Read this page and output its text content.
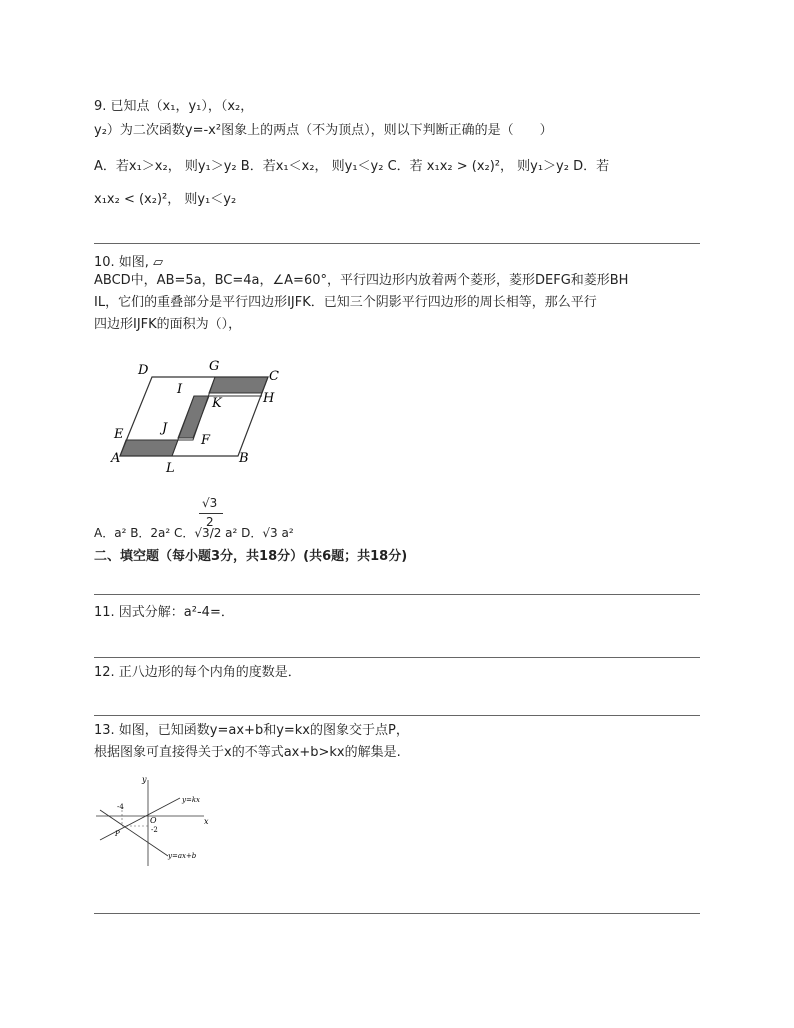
9. 已知点（x₁，y₁），（x₂，
y₂）为二次函数y=-x²图象上的两点（不为顶点），则以下判断正确的是（　　）
A．若x₁＞x₂， 则y₁＞y₂ B．若x₁＜x₂， 则y₁＜y₂ C．若 x₁x₂ > (x₂)²， 则y₁＞y₂ D．若
x₁x₂ < (x₂)²， 则y₁＜y₂
10. 如图, ▱
ABCD中，AB=5a，BC=4a，∠A=60°，平行四边形内放着两个菱形，菱形DEFG和菱形BH
IL，它们的重叠部分是平行四边形IJFK．已知三个阴影平行四边形的周长相等，那么平行
四边形IJFK的面积为（），
D	G
C
I
K	H
E	J
F
A
L
B
A．a² B．2a² C．√3/2 a² D．√3 a²
√3
2
二、填空题（每小题3分，共18分）(共6题；共18分)
11. 因式分解：a²-4=．
12. 正八边形的每个内角的度数是．
13. 如图，已知函数y=ax+b和y=kx的图象交于点P，
根据图象可直接得关于x的不等式ax+b>kx的解集是.
y
x
O
y=kx
y=ax+b
-4
-2
P
